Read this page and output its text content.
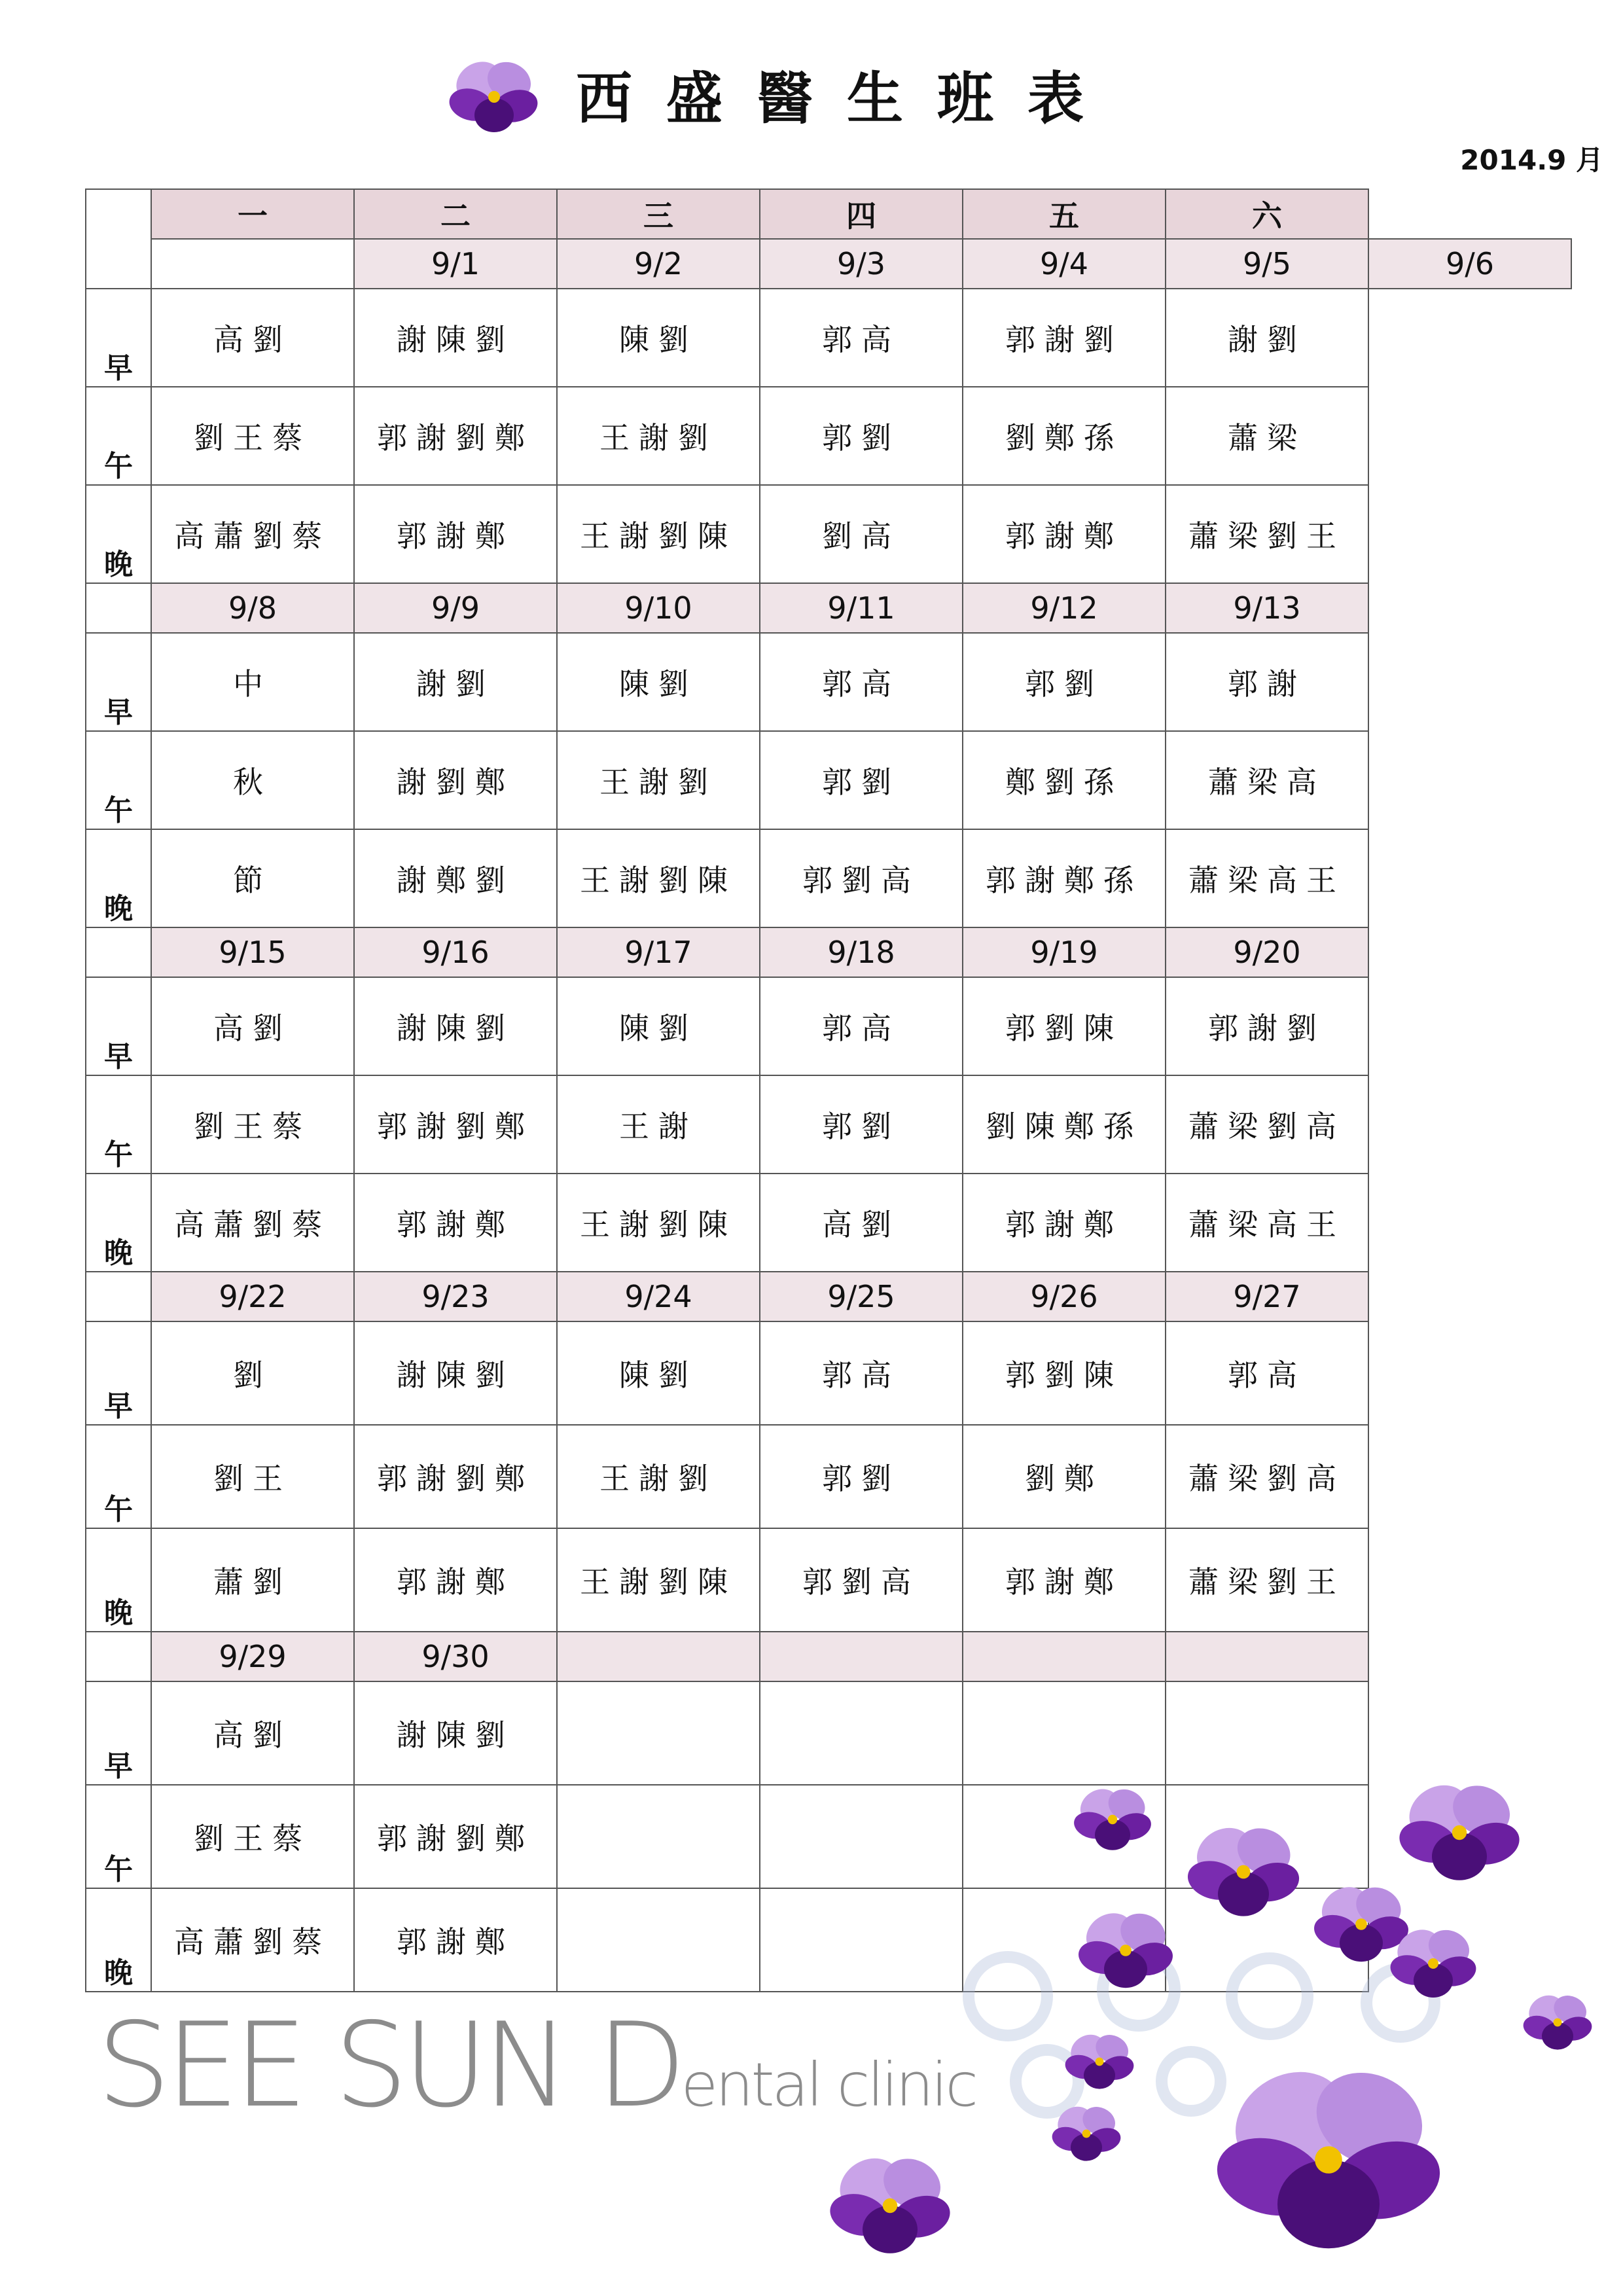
西盛醫生班表
2014.9 月
	一	二	三	四	五	六	
		9/1	9/2	9/3	9/4	9/5	9/6
早	高劉	謝陳劉	陳劉	郭高	郭謝劉	謝劉	
午	劉王蔡	郭謝劉鄭	王謝劉	郭劉	劉鄭孫	蕭梁	
晚	高蕭劉蔡	郭謝鄭	王謝劉陳	劉高	郭謝鄭	蕭梁劉王	
	9/8	9/9	9/10	9/11	9/12	9/13	
早	中	謝劉	陳劉	郭高	郭劉	郭謝	
午	秋	謝劉鄭	王謝劉	郭劉	鄭劉孫	蕭梁高	
晚	節	謝鄭劉	王謝劉陳	郭劉高	郭謝鄭孫	蕭梁高王	
	9/15	9/16	9/17	9/18	9/19	9/20	
早	高劉	謝陳劉	陳劉	郭高	郭劉陳	郭謝劉	
午	劉王蔡	郭謝劉鄭	王謝	郭劉	劉陳鄭孫	蕭梁劉高	
晚	高蕭劉蔡	郭謝鄭	王謝劉陳	高劉	郭謝鄭	蕭梁高王	
	9/22	9/23	9/24	9/25	9/26	9/27	
早	劉	謝陳劉	陳劉	郭高	郭劉陳	郭高	
午	劉王	郭謝劉鄭	王謝劉	郭劉	劉鄭	蕭梁劉高	
晚	蕭劉	郭謝鄭	王謝劉陳	郭劉高	郭謝鄭	蕭梁劉王	
	9/29	9/30					
早	高劉	謝陳劉					
午	劉王蔡	郭謝劉鄭					
晚	高蕭劉蔡	郭謝鄭					
SEE SUN Dental clinic
